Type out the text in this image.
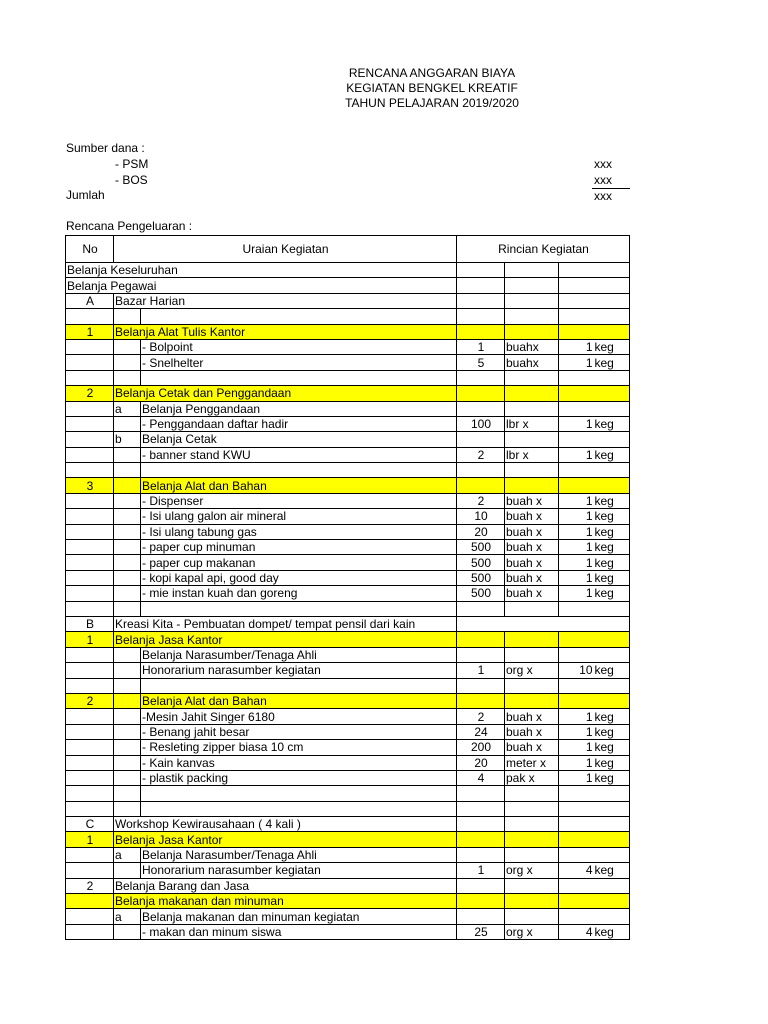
RENCANA ANGGARAN BIAYA
KEGIATAN BENGKEL KREATIF
TAHUN PELAJARAN 2019/2020
Sumber dana :
- PSM	xxx
- BOS	xxx
Jumlah	xxx
Rencana Pengeluaran :
No	Uraian Kegiatan		Rincian Kegiatan			
Belanja Keseluruhan						
Belanja Pegawai						
A	Bazar Harian					

1	Belanja Alat Tulis Kantor					
		- Bolpoint	1	buahx	1	keg
		- Snelhelter	5	buahx	1	keg

2	Belanja Cetak dan Penggandaan					
	a	Belanja Penggandaan				
		- Penggandaan daftar hadir	100	lbr x	1	keg
	b	Belanja Cetak				
		- banner stand KWU	2	lbr x	1	keg

3		Belanja Alat dan Bahan				
		- Dispenser	2	buah x	1	keg
		- Isi ulang galon air mineral	10	buah x	1	keg
		- Isi ulang tabung gas	20	buah x	1	keg
		- paper cup minuman	500	buah x	1	keg
		- paper cup makanan	500	buah x	1	keg
		- kopi kapal api, good day	500	buah x	1	keg
		- mie instan kuah dan goreng	500	buah x	1	keg

B	Kreasi Kita - Pembuatan dompet/ tempat pensil dari kain					
1	Belanja Jasa Kantor					
		Belanja Narasumber/Tenaga Ahli				
		Honorarium narasumber kegiatan	1	org x	10	keg

2		Belanja Alat dan Bahan				
		-Mesin Jahit Singer 6180	2	buah x	1	keg
		- Benang jahit besar	24	buah x	1	keg
		- Resleting zipper biasa 10 cm	200	buah x	1	keg
		- Kain kanvas	20	meter x	1	keg
		- plastik packing	4	pak x	1	keg

C	Workshop Kewirausahaan ( 4 kali )					
1	Belanja Jasa Kantor					
	a	Belanja Narasumber/Tenaga Ahli				
		Honorarium narasumber kegiatan	1	org x	4	keg
2	Belanja Barang dan Jasa					
	Belanja makanan dan minuman					
	a	Belanja makanan dan minuman kegiatan				
		- makan dan minum siswa	25	org x	4	keg
